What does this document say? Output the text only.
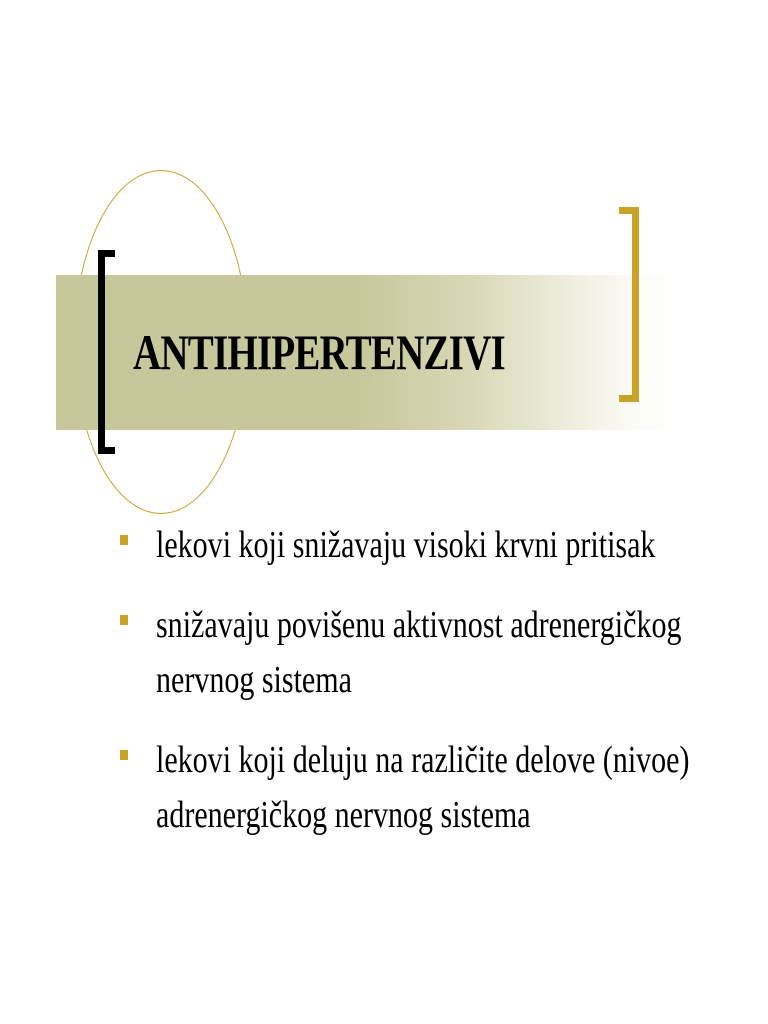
ANTIHIPERTENZIVI
lekovi koji snižavaju visoki krvni pritisak
snižavaju povišenu aktivnost adrenergičkog nervnog sistema
lekovi koji deluju na različite delove (nivoe) adrenergičkog nervnog sistema
